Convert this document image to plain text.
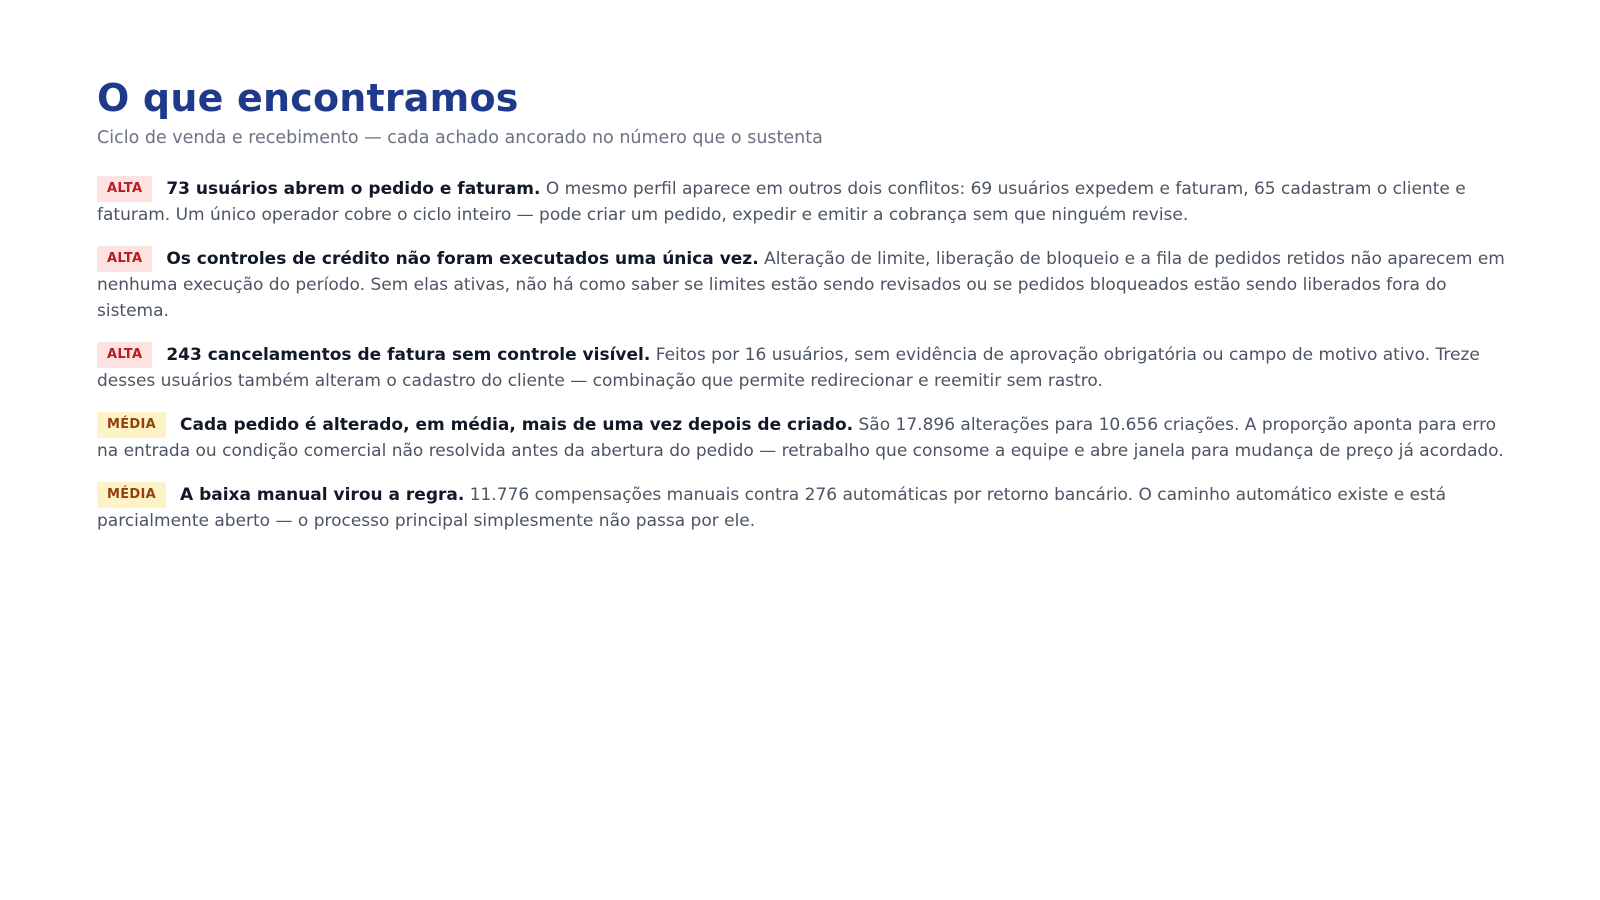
O que encontramos
Ciclo de venda e recebimento — cada achado ancorado no número que o sustenta
ALTA 73 usuários abrem o pedido e faturam. O mesmo perfil aparece em outros dois conflitos: 69 usuários expedem e faturam, 65 cadastram o cliente e faturam. Um único operador cobre o ciclo inteiro — pode criar um pedido, expedir e emitir a cobrança sem que ninguém revise.
ALTA Os controles de crédito não foram executados uma única vez. Alteração de limite, liberação de bloqueio e a fila de pedidos retidos não aparecem em nenhuma execução do período. Sem elas ativas, não há como saber se limites estão sendo revisados ou se pedidos bloqueados estão sendo liberados fora do sistema.
ALTA 243 cancelamentos de fatura sem controle visível. Feitos por 16 usuários, sem evidência de aprovação obrigatória ou campo de motivo ativo. Treze desses usuários também alteram o cadastro do cliente — combinação que permite redirecionar e reemitir sem rastro.
MÉDIA Cada pedido é alterado, em média, mais de uma vez depois de criado. São 17.896 alterações para 10.656 criações. A proporção aponta para erro na entrada ou condição comercial não resolvida antes da abertura do pedido — retrabalho que consome a equipe e abre janela para mudança de preço já acordado.
MÉDIA A baixa manual virou a regra. 11.776 compensações manuais contra 276 automáticas por retorno bancário. O caminho automático existe e está parcialmente aberto — o processo principal simplesmente não passa por ele.
